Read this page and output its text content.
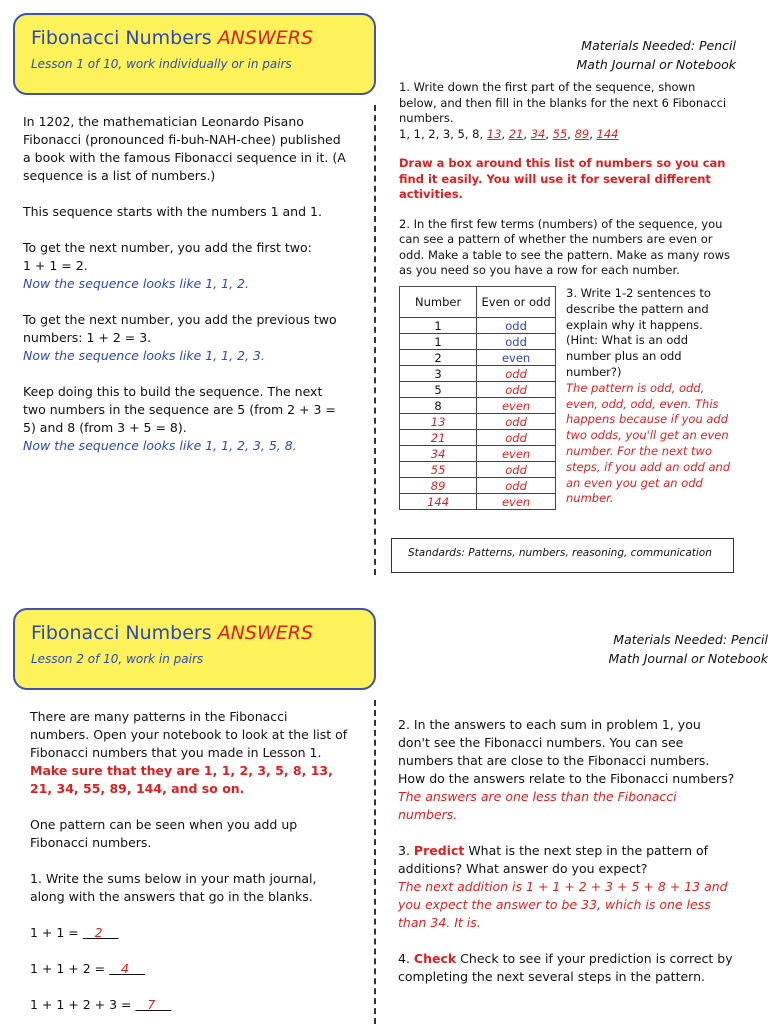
Fibonacci Numbers ANSWERS
Lesson 1 of 10, work individually or in pairs
Materials Needed: Pencil
Math Journal or Notebook

In 1202, the mathematician Leonardo Pisano Fibonacci (pronounced fi-buh-NAH-chee) published a book with the famous Fibonacci sequence in it. (A sequence is a list of numbers.)

This sequence starts with the numbers 1 and 1.

To get the next number, you add the first two:

1 + 1 = 2.

Now the sequence looks like 1, 1, 2.

To get the next number, you add the previous two numbers: 1 + 2 = 3.

Now the sequence looks like 1, 1, 2, 3.

Keep doing this to build the sequence. The next two numbers in the sequence are 5 (from 2 + 3 = 5) and 8 (from 3 + 5 = 8).

Now the sequence looks like 1, 1, 2, 3, 5, 8.

1. Write down the first part of the sequence, shown below, and then fill in the blanks for the next 6 Fibonacci numbers.
1, 1, 2, 3, 5, 8, 13, 21, 34, 55, 89, 144
Draw a box around this list of numbers so you can find it easily. You will use it for several different activities.
2. In the first few terms (numbers) of the sequence, you can see a pattern of whether the numbers are even or odd. Make a table to see the pattern. Make as many rows as you need so you have a row for each number.
Number	Even or odd
1	odd
1	odd
2	even
3	odd
5	odd
8	even
13	odd
21	odd
34	even
55	odd
89	odd
144	even
3. Write 1-2 sentences to describe the pattern and explain why it happens. (Hint: What is an odd number plus an odd number?)
The pattern is odd, odd, even, odd, odd, even. This happens because if you add two odds, you'll get an even number. For the next two steps, if you add an odd and an even you get an odd number.
Standards: Patterns, numbers, reasoning, communication
Fibonacci Numbers ANSWERS
Lesson 2 of 10, work in pairs
Materials Needed: Pencil
Math Journal or Notebook

There are many patterns in the Fibonacci numbers. Open your notebook to look at the list of Fibonacci numbers that you made in Lesson 1.

Make sure that they are 1, 1, 2, 3, 5, 8, 13, 21, 34, 55, 89, 144, and so on.

One pattern can be seen when you add up Fibonacci numbers.

1. Write the sums below in your math journal, along with the answers that go in the blanks.

1 + 1 =    2

1 + 1 + 2 =    4

1 + 1 + 2 + 3 =    7

2. In the answers to each sum in problem 1, you don't see the Fibonacci numbers. You can see numbers that are close to the Fibonacci numbers. How do the answers relate to the Fibonacci numbers?

The answers are one less than the Fibonacci numbers.

3. Predict What is the next step in the pattern of additions? What answer do you expect?

The next addition is 1 + 1 + 2 + 3 + 5 + 8 + 13 and you expect the answer to be 33, which is one less than 34. It is.

4. Check Check to see if your prediction is correct by completing the next several steps in the pattern.
